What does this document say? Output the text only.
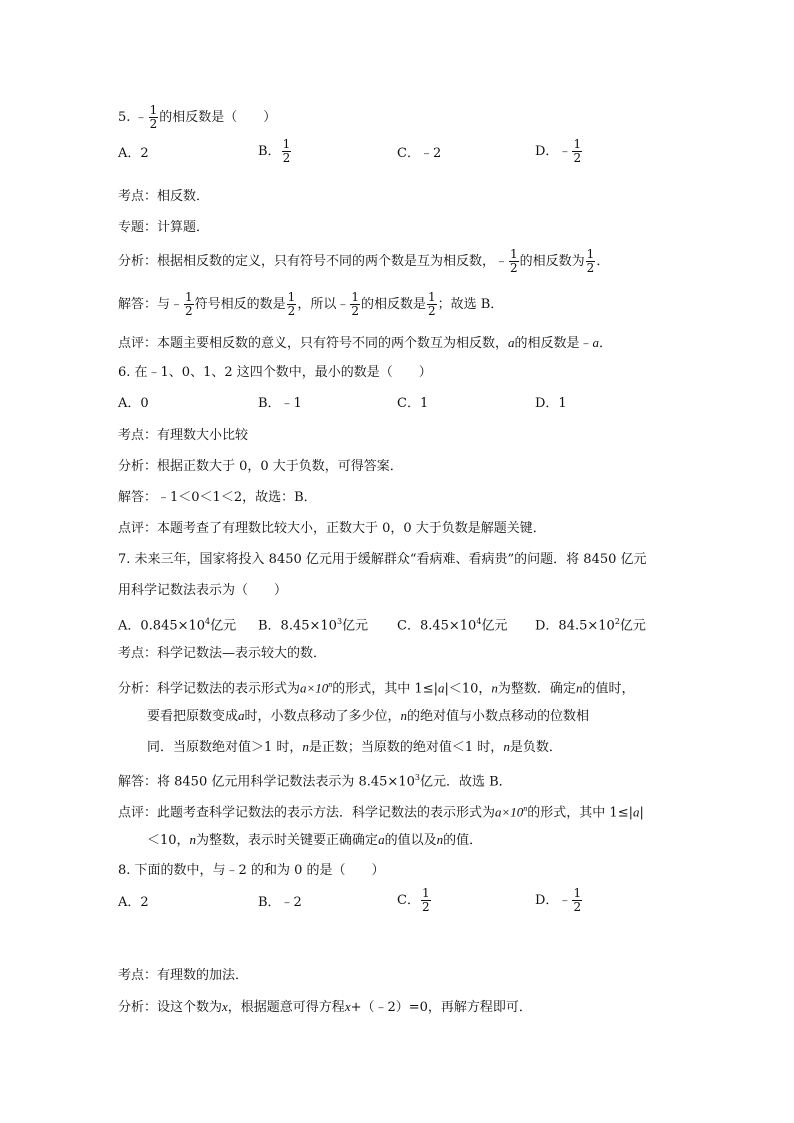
5. ﹣ $\frac{1}{2}$ 的相反数是（　　）
A．2	B． $\frac{1}{2}$	C．﹣2	D．﹣ $\frac{1}{2}$
考点：相反数．
专题：计算题．
分析：根据相反数的定义，只有符号不同的两个数是互为相反数，﹣ $\frac{1}{2}$ 的相反数为 $\frac{1}{2}$ ．
解答：与﹣ $\frac{1}{2}$ 符号相反的数是 $\frac{1}{2}$ ，所以﹣ $\frac{1}{2}$ 的相反数是 $\frac{1}{2}$ ；故选 B．
点评：本题主要相反数的意义，只有符号不同的两个数互为相反数，a的相反数是﹣a．
6. 在﹣1、0、1、2 这四个数中，最小的数是（　　）
A．0	B．﹣1	C．1	D．1
考点：有理数大小比较
分析：根据正数大于 0，0 大于负数，可得答案．
解答：﹣1＜0＜1＜2，故选：B．
点评：本题考查了有理数比较大小，正数大于 0，0 大于负数是解题关键．
7. 未来三年，国家将投入 8450 亿元用于缓解群众“看病难、看病贵”的问题．将 8450 亿元
用科学记数法表示为（　　）
A．$0.845\times 10^4$亿元 B．$8.45\times 10^3$亿元 C．$8.45\times 10^4$亿元 D．$84.5\times 10^2$亿元
考点：科学记数法—表示较大的数．
分析：科学记数法的表示形式为$a\times 10^n$的形式，其中 1≤|a|＜10，n为整数．确定n的值时，
要看把原数变成a时，小数点移动了多少位，n的绝对值与小数点移动的位数相
同．当原数绝对值＞1 时，n是正数；当原数的绝对值＜1 时，n是负数．
解答：将 8450 亿元用科学记数法表示为 $8.45\times 10^3$亿元．故选 B．
点评：此题考查科学记数法的表示方法．科学记数法的表示形式为$a\times 10^n$的形式，其中 1≤|a|
＜10，n为整数，表示时关键要正确确定a的值以及n的值．
8. 下面的数中，与﹣2 的和为 0 的是（　　）
A．2	B．﹣2	C． $\frac{1}{2}$	D．﹣ $\frac{1}{2}$
考点：有理数的加法．
分析：设这个数为x，根据题意可得方程x+（﹣2）=0，再解方程即可．
